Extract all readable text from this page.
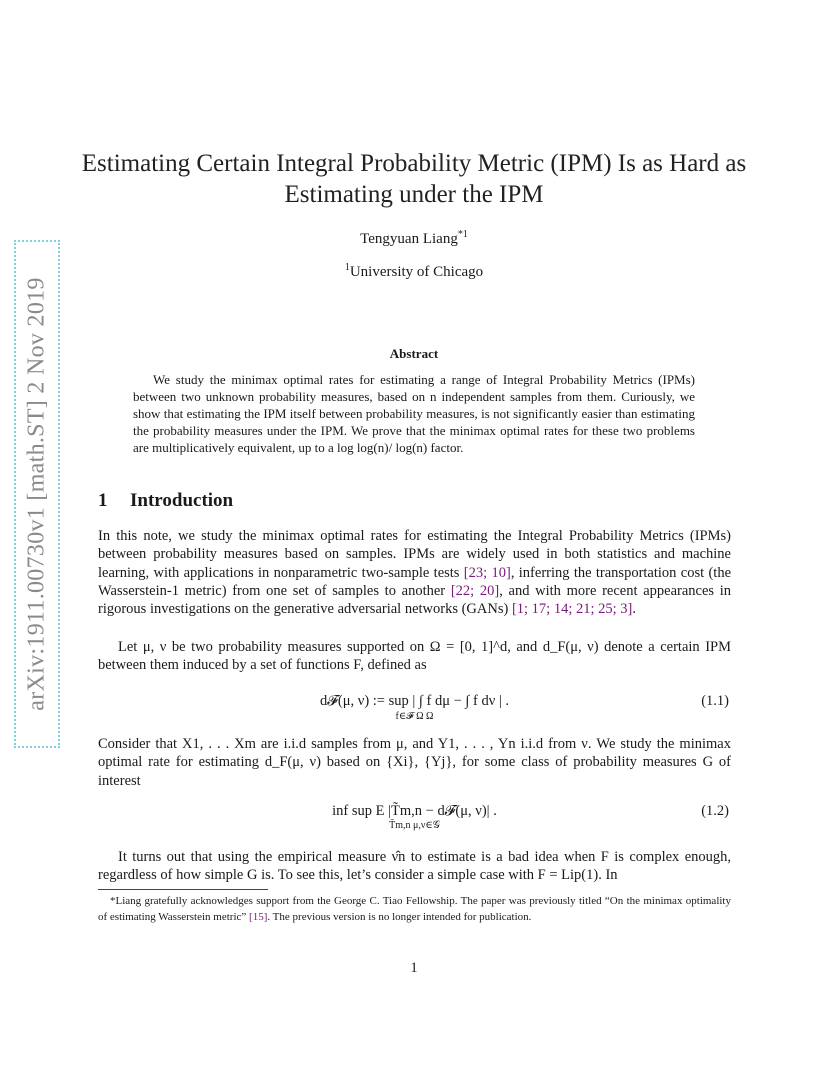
arXiv:1911.00730v1 [math.ST] 2 Nov 2019
Estimating Certain Integral Probability Metric (IPM) Is as Hard as Estimating under the IPM
Tengyuan Liang$^{*1}$
$^1$University of Chicago
Abstract
We study the minimax optimal rates for estimating a range of Integral Probability Metrics (IPMs) between two unknown probability measures, based on n independent samples from them. Curiously, we show that estimating the IPM itself between probability measures, is not significantly easier than estimating the probability measures under the IPM. We prove that the minimax optimal rates for these two problems are multiplicatively equivalent, up to a log log(n)/ log(n) factor.
1 Introduction

In this note, we study the minimax optimal rates for estimating the Integral Probability Metrics (IPMs) between probability measures based on samples. IPMs are widely used in both statistics and machine learning, with applications in nonparametric two-sample tests [23; 10], inferring the transportation cost (the Wasserstein-1 metric) from one set of samples to another [22; 20], and with more recent appearances in rigorous investigations on the generative adversarial networks (GANs) [1; 17; 14; 21; 25; 3].

Let μ, ν be two probability measures supported on Ω = [0, 1]^d, and d_F(μ, ν) denote a certain IPM between them induced by a set of functions F, defined as

d𝓕(μ, ν) := sup | ∫ f dμ − ∫ f dν | .
f∈𝓕 Ω Ω
(1.1)

Consider that X1, . . . Xm are i.i.d samples from μ, and Y1, . . . , Yn i.i.d from ν. We study the minimax optimal rate for estimating d_F(μ, ν) based on {Xi}, {Yj}, for some class of probability measures G of interest

inf sup E |T̃m,n − d𝓕(μ, ν)| .
T̃m,n μ,ν∈𝒢
(1.2)

It turns out that using the empirical measure ν̂n to estimate is a bad idea when F is complex enough, regardless of how simple G is. To see this, let’s consider a simple case with F = Lip(1). In

*Liang gratefully acknowledges support from the George C. Tiao Fellowship. The paper was previously titled “On the minimax optimality of estimating Wasserstein metric” [15]. The previous version is no longer intended for publication.
1
